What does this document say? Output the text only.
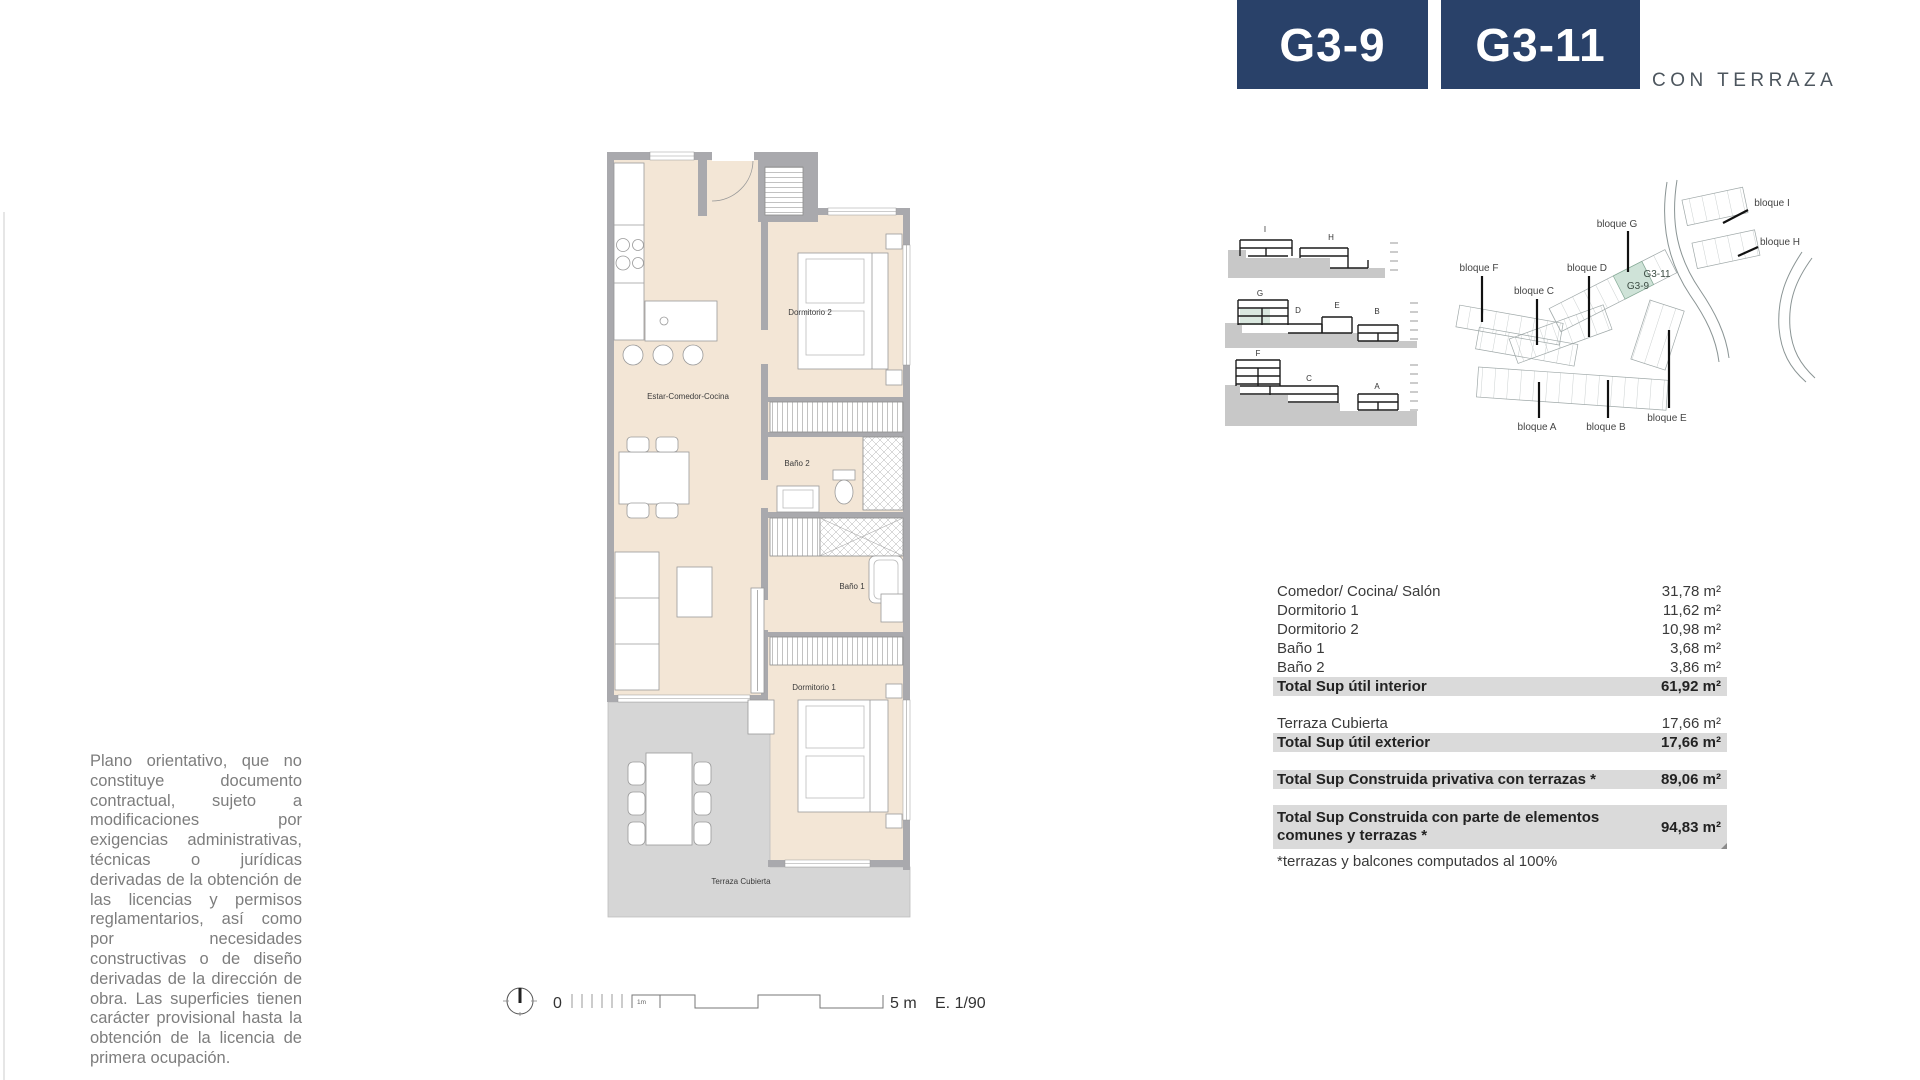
G3-9 G3-11
CON TERRAZA
Plano orientativo, que no constituye documento contractual, sujeto a modificaciones por exigencias administrativas, técnicas o jurídicas derivadas de la obtención de las licencias y permisos reglamentarios, así como por necesidades constructivas o de diseño derivadas de la dirección de obra. Las superficies tienen carácter provisional hasta la obtención de la licencia de primera ocupación.
Estar-Comedor-Cocina
Dormitorio 2
Baño 2
Baño 1
Dormitorio 1
Terraza Cubierta
I
H
G
D
E
B
F
C
A
bloque G
bloque I
bloque H
bloque F	bloque D
bloque C
bloque A	bloque B
bloque E
G3-11
G3-9
0	1m	5 m E. 1/90
Comedor/ Cocina/ Salón	31,78 m²
Dormitorio 1	11,62 m²
Dormitorio 2	10,98 m²
Baño 1	3,68 m²
Baño 2	3,86 m²
Total Sup útil interior	61,92 m²
Terraza Cubierta	17,66 m²
Total Sup útil exterior	17,66 m²
Total Sup Construida privativa con terrazas *	89,06 m²
Total Sup Construida con parte de elementos comunes y terrazas *	94,83 m²
*terrazas y balcones computados al 100%
